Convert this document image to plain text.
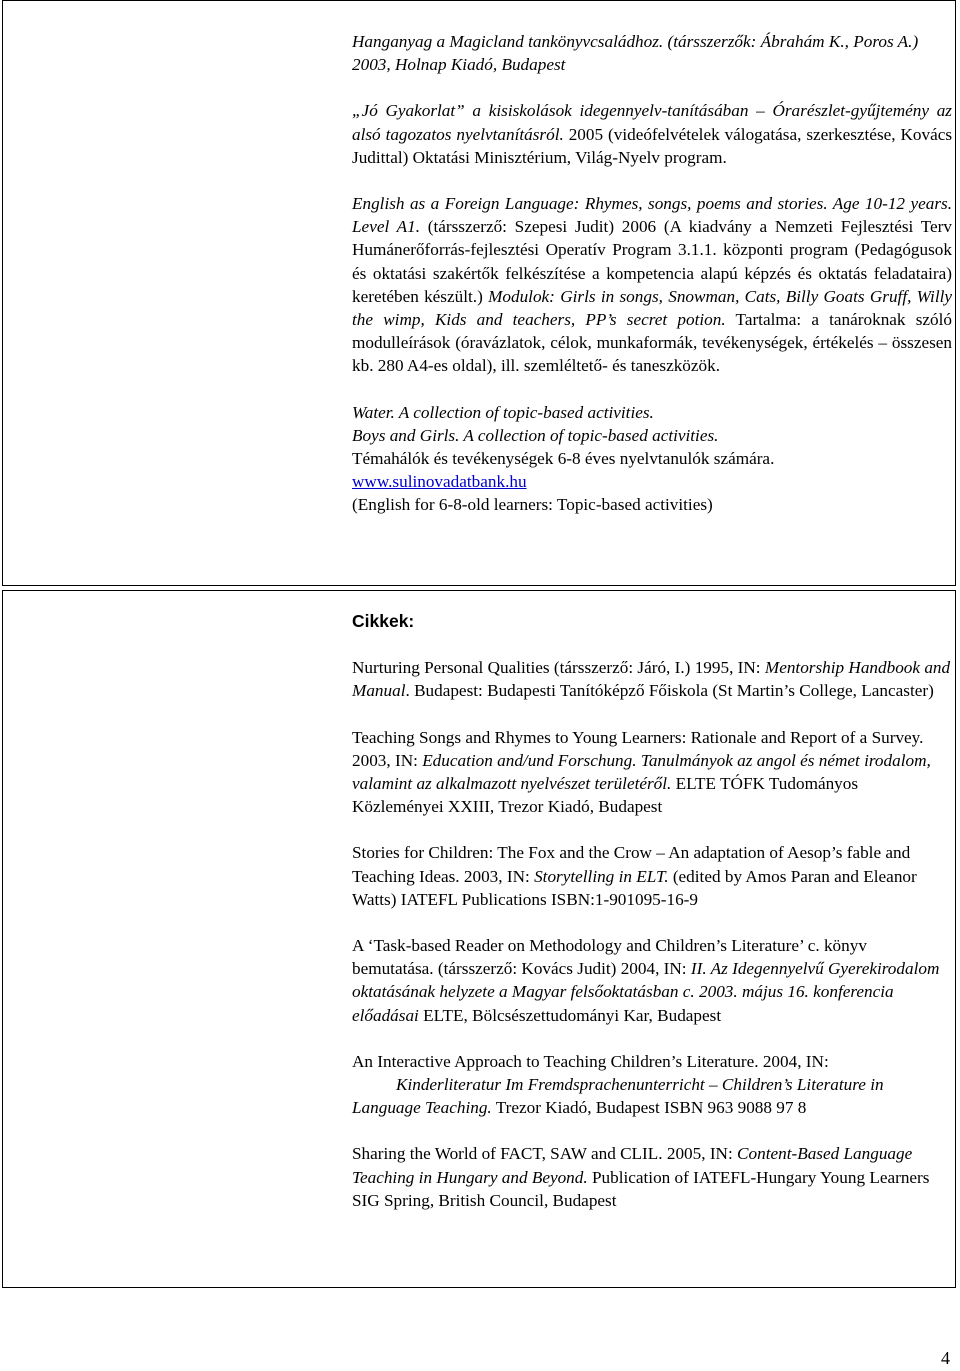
Hanganyag a Magicland tankönyvcsaládhoz. (társszerzők: Ábrahám K., Poros A.) 2003, Holnap Kiadó, Budapest

„Jó Gyakorlat” a kisiskolások idegennyelv-tanításában – Órarészlet-gyűjtemény az alsó tagozatos nyelvtanításról. 2005 (videófelvételek válogatása, szerkesztése, Kovács Judittal) Oktatási Minisztérium, Világ-Nyelv program.

English as a Foreign Language: Rhymes, songs, poems and stories. Age 10-12 years. Level A1. (társszerző: Szepesi Judit) 2006 (A kiadvány a Nemzeti Fejlesztési Terv Humánerőforrás-fejlesztési Operatív Program 3.1.1. központi program (Pedagógusok és oktatási szakértők felkészítése a kompetencia alapú képzés és oktatás feladataira) keretében készült.) Modulok: Girls in songs, Snowman, Cats, Billy Goats Gruff, Willy the wimp, Kids and teachers, PP’s secret potion. Tartalma: a tanároknak szóló modulleírások (óravázlatok, célok, munkaformák, tevékenységek, értékelés – összesen kb. 280 A4-es oldal), ill. szemléltető- és taneszközök.

Water. A collection of topic-based activities.
Boys and Girls. A collection of topic-based activities.
Témahálók és tevékenységek 6-8 éves nyelvtanulók számára.
www.sulinovadatbank.hu
(English for 6-8-old learners: Topic-based activities)

Cikkek:

Nurturing Personal Qualities (társszerző: Járó, I.) 1995, IN: Mentorship Handbook and Manual. Budapest: Budapesti Tanítóképző Főiskola (St Martin’s College, Lancaster)

Teaching Songs and Rhymes to Young Learners: Rationale and Report of a Survey. 2003, IN: Education and/und Forschung. Tanulmányok az angol és német irodalom, valamint az alkalmazott nyelvészet területéről. ELTE TÓFK Tudományos Közleményei XXIII, Trezor Kiadó, Budapest

Stories for Children: The Fox and the Crow – An adaptation of Aesop’s fable and Teaching Ideas. 2003, IN: Storytelling in ELT. (edited by Amos Paran and Eleanor Watts) IATEFL Publications ISBN:1-901095-16-9

A ‘Task-based Reader on Methodology and Children’s Literature’ c. könyv bemutatása. (társszerző: Kovács Judit) 2004, IN: II. Az Idegennyelvű Gyerekirodalom oktatásának helyzete a Magyar felsőoktatásban c. 2003. május 16. konferencia előadásai ELTE, Bölcsészettudományi Kar, Budapest

An Interactive Approach to Teaching Children’s Literature. 2004, IN:
Kinderliteratur Im Fremdsprachenunterricht – Children’s Literature in Language Teaching. Trezor Kiadó, Budapest ISBN 963 9088 97 8

Sharing the World of FACT, SAW and CLIL. 2005, IN: Content-Based Language Teaching in Hungary and Beyond. Publication of IATEFL-Hungary Young Learners SIG Spring, British Council, Budapest

4
